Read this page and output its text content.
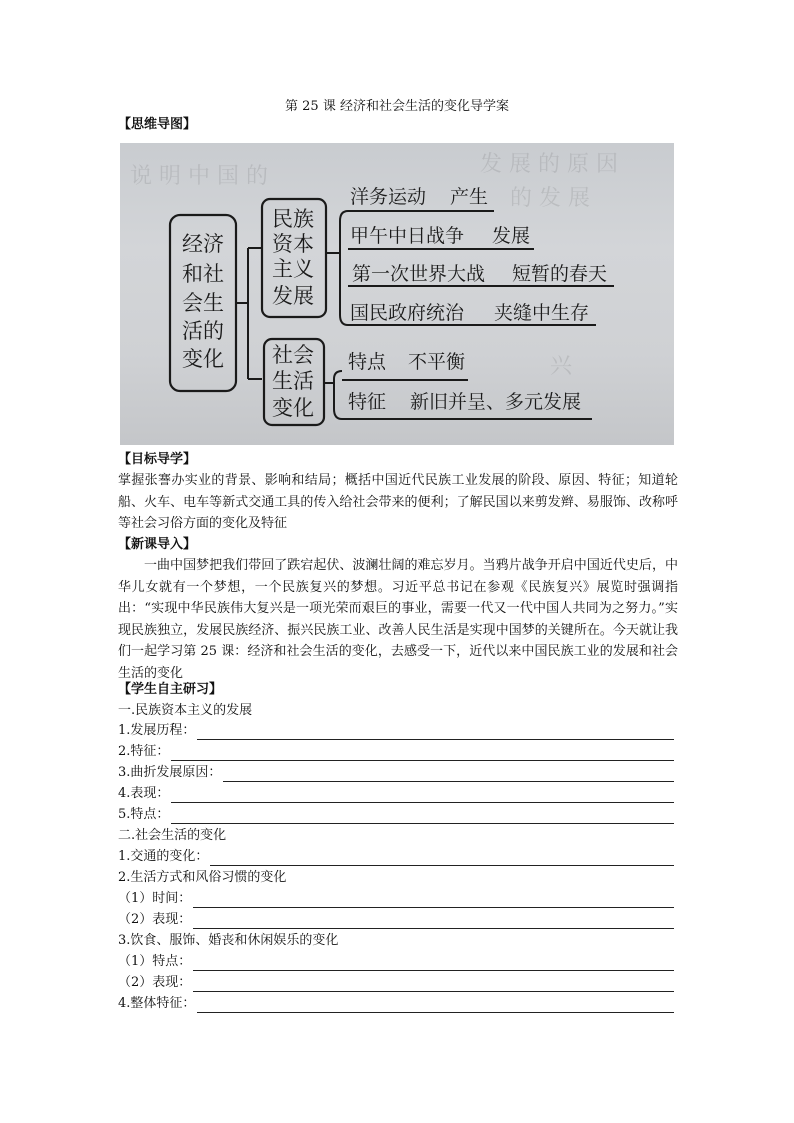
第 25 课 经济和社会生活的变化导学案
【思维导图】
发 展 的 原 因
说 明 中 国 的
的 发 展
兴
经济
和社
会生
活的
变化
民族
资本
主义
发展
社会
生活
变化
洋务运动 产生
甲午中日战争 发展
第一次世界大战 短暂的春天
国民政府统治 夹缝中生存
特点 不平衡
特征 新旧并呈、多元发展
【目标导学】
掌握张謇办实业的背景、影响和结局；概括中国近代民族工业发展的阶段、原因、特征；知道轮船、火车、电车等新式交通工具的传入给社会带来的便利；了解民国以来剪发辫、易服饰、改称呼等社会习俗方面的变化及特征
【新课导入】
一曲中国梦把我们带回了跌宕起伏、波澜壮阔的难忘岁月。当鸦片战争开启中国近代史后，中华儿女就有一个梦想，一个民族复兴的梦想。习近平总书记在参观《民族复兴》展览时强调指出：“实现中华民族伟大复兴是一项光荣而艰巨的事业，需要一代又一代中国人共同为之努力。”实现民族独立，发展民族经济、振兴民族工业、改善人民生活是实现中国梦的关键所在。今天就让我们一起学习第 25 课：经济和社会生活的变化，去感受一下，近代以来中国民族工业的发展和社会生活的变化
【学生自主研习】
一.民族资本主义的发展
1.发展历程：
2.特征：
3.曲折发展原因：
4.表现：
5.特点：
二.社会生活的变化
1.交通的变化：
2.生活方式和风俗习惯的变化
（1）时间：
（2）表现：
3.饮食、服饰、婚丧和休闲娱乐的变化
（1）特点：
（2）表现：
4.整体特征：
